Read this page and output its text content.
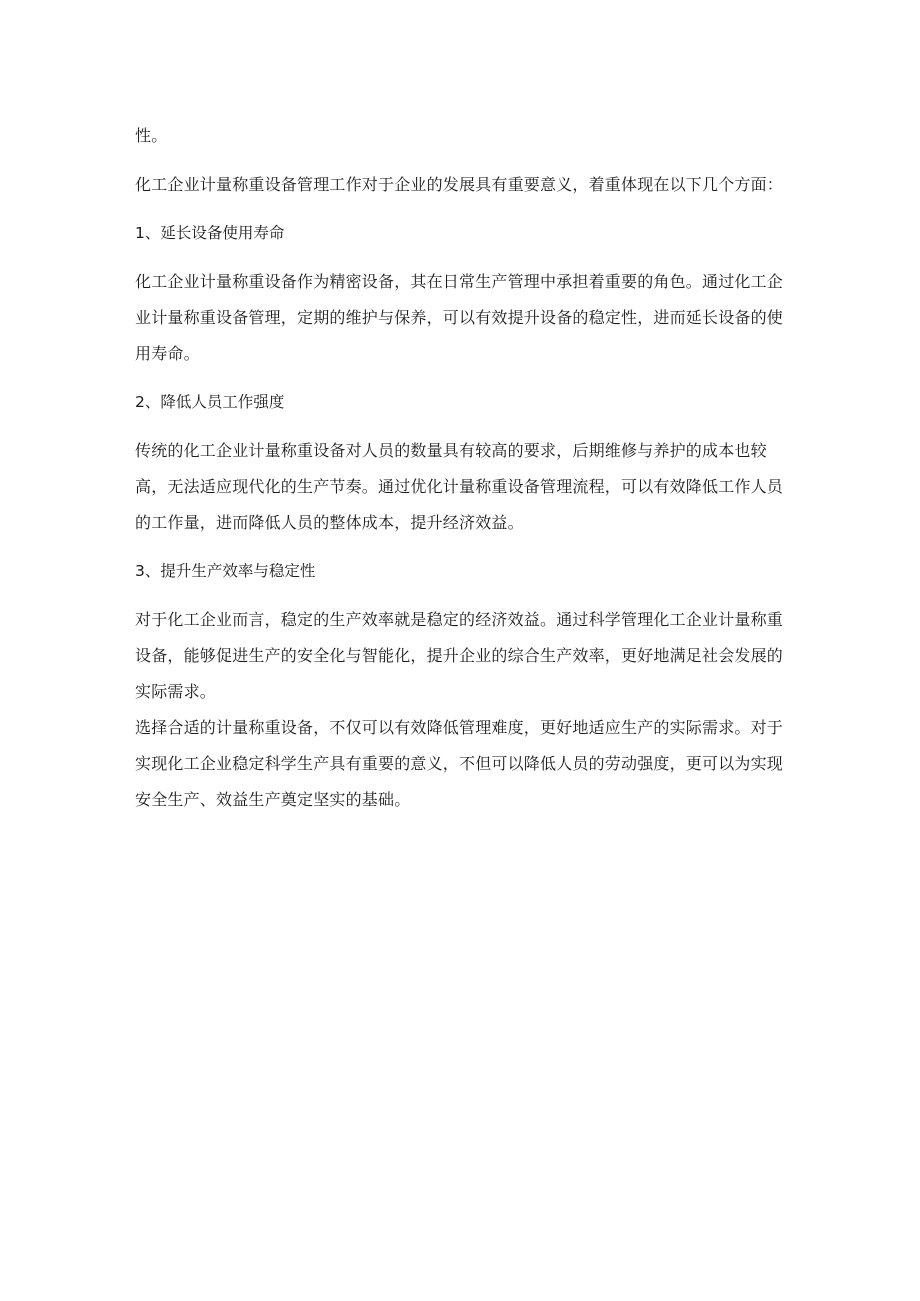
性。

化工企业计量称重设备管理工作对于企业的发展具有重要意义，着重体现在以下几个方面：

1、延长设备使用寿命

化工企业计量称重设备作为精密设备，其在日常生产管理中承担着重要的角色。通过化工企业计量称重设备管理，定期的维护与保养，可以有效提升设备的稳定性，进而延长设备的使用寿命。

2、降低人员工作强度

传统的化工企业计量称重设备对人员的数量具有较高的要求，后期维修与养护的成本也较高，无法适应现代化的生产节奏。通过优化计量称重设备管理流程，可以有效降低工作人员的工作量，进而降低人员的整体成本，提升经济效益。

3、提升生产效率与稳定性

对于化工企业而言，稳定的生产效率就是稳定的经济效益。通过科学管理化工企业计量称重设备，能够促进生产的安全化与智能化，提升企业的综合生产效率，更好地满足社会发展的实际需求。

选择合适的计量称重设备，不仅可以有效降低管理难度，更好地适应生产的实际需求。对于实现化工企业稳定科学生产具有重要的意义，不但可以降低人员的劳动强度，更可以为实现安全生产、效益生产奠定坚实的基础。
